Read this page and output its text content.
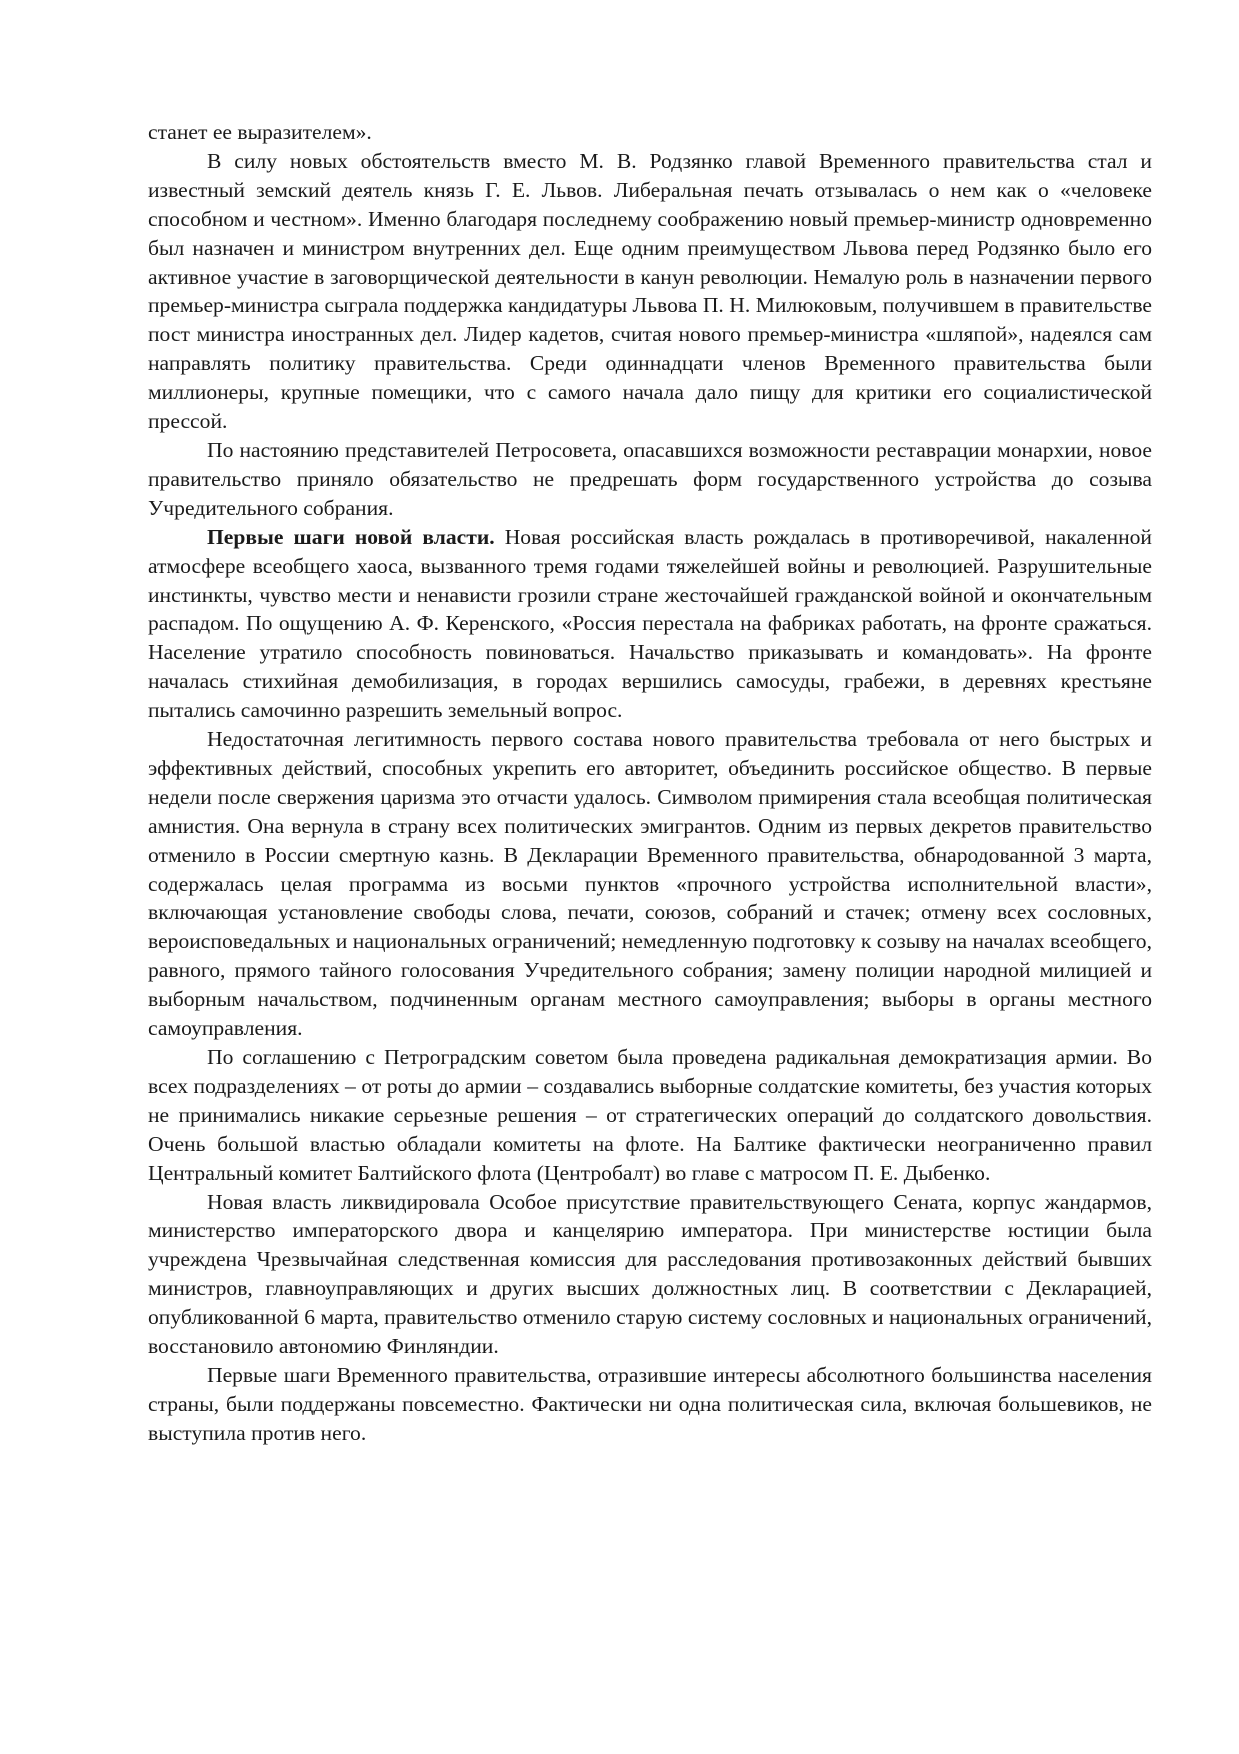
станет ее выразителем».

В силу новых обстоятельств вместо М. В. Родзянко главой Временного правительства стал и известный земский деятель князь Г. Е. Львов. Либеральная печать отзывалась о нем как о «человеке способном и честном». Именно благодаря последнему соображению новый премьер-министр одновременно был назначен и министром внутренних дел. Еще одним преимуществом Львова перед Родзянко было его активное участие в заговорщической деятельности в канун революции. Немалую роль в назначении первого премьер-министра сыграла поддержка кандидатуры Львова П. Н. Милюковым, получившем в правительстве пост министра иностранных дел. Лидер кадетов, считая нового премьер-министра «шляпой», надеялся сам направлять политику правительства. Среди одиннадцати членов Временного правительства были миллионеры, крупные помещики, что с самого начала дало пищу для критики его социалистической прессой.

По настоянию представителей Петросовета, опасавшихся возможности реставрации монархии, новое правительство приняло обязательство не предрешать форм государственного устройства до созыва Учредительного собрания.

Первые шаги новой власти. Новая российская власть рождалась в противоречивой, накаленной атмосфере всеобщего хаоса, вызванного тремя годами тяжелейшей войны и революцией. Разрушительные инстинкты, чувство мести и ненависти грозили стране жесточайшей гражданской войной и окончательным распадом. По ощущению А. Ф. Керенского, «Россия перестала на фабриках работать, на фронте сражаться. Население утратило способность повиноваться. Начальство приказывать и командовать». На фронте началась стихийная демобилизация, в городах вершились самосуды, грабежи, в деревнях крестьяне пытались самочинно разрешить земельный вопрос.

Недостаточная легитимность первого состава нового правительства требовала от него быстрых и эффективных действий, способных укрепить его авторитет, объединить российское общество. В первые недели после свержения царизма это отчасти удалось. Символом примирения стала всеобщая политическая амнистия. Она вернула в страну всех политических эмигрантов. Одним из первых декретов правительство отменило в России смертную казнь. В Декларации Временного правительства, обнародованной 3 марта, содержалась целая программа из восьми пунктов «прочного устройства исполнительной власти», включающая установление свободы слова, печати, союзов, собраний и стачек; отмену всех сословных, вероисповедальных и национальных ограничений; немедленную подготовку к созыву на началах всеобщего, равного, прямого тайного голосования Учредительного собрания; замену полиции народной милицией и выборным начальством, подчиненным органам местного самоуправления; выборы в органы местного самоуправления.

По соглашению с Петроградским советом была проведена радикальная демократизация армии. Во всех подразделениях – от роты до армии – создавались выборные солдатские комитеты, без участия которых не принимались никакие серьезные решения – от стратегических операций до солдатского довольствия. Очень большой властью обладали комитеты на флоте. На Балтике фактически неограниченно правил Центральный комитет Балтийского флота (Центробалт) во главе с матросом П. Е. Дыбенко.

Новая власть ликвидировала Особое присутствие правительствующего Сената, корпус жандармов, министерство императорского двора и канцелярию императора. При министерстве юстиции была учреждена Чрезвычайная следственная комиссия для расследования противозаконных действий бывших министров, главноуправляющих и других высших должностных лиц. В соответствии с Декларацией, опубликованной 6 марта, правительство отменило старую систему сословных и национальных ограничений, восстановило автономию Финляндии.

Первые шаги Временного правительства, отразившие интересы абсолютного большинства населения страны, были поддержаны повсеместно. Фактически ни одна политическая сила, включая большевиков, не выступила против него.
